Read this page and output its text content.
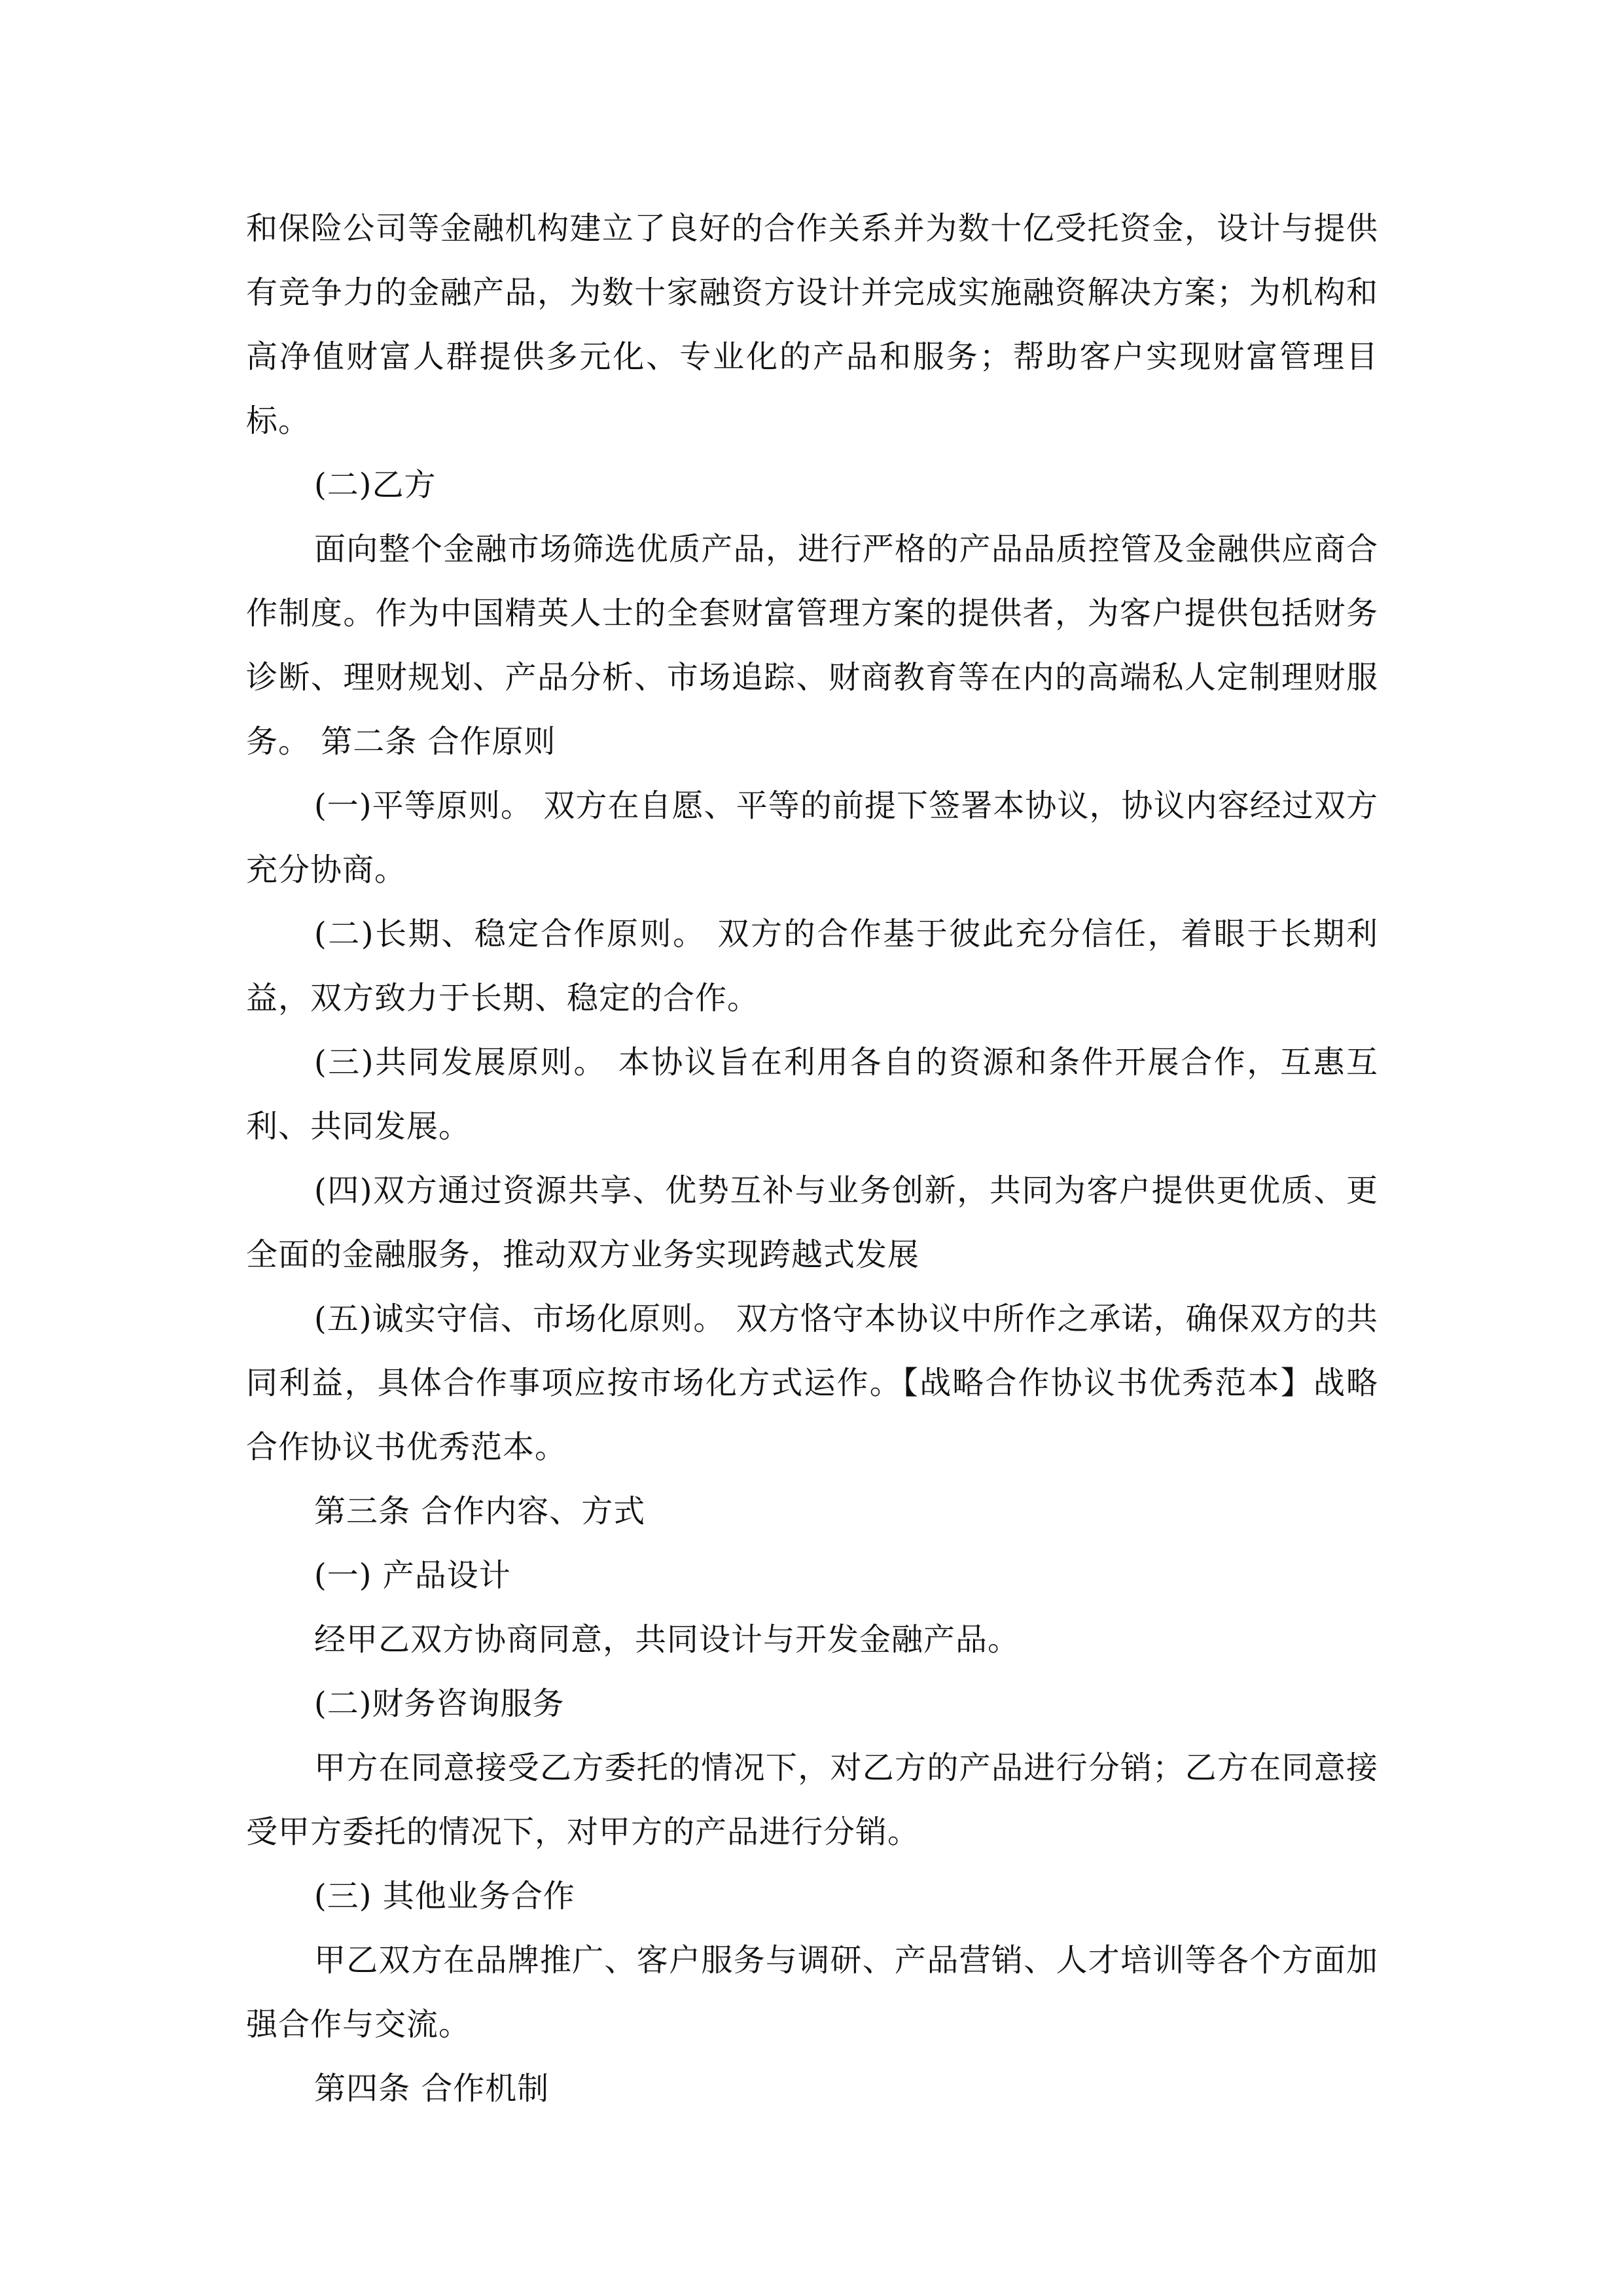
和保险公司等金融机构建立了良好的合作关系并为数十亿受托资金，设计与提供有竞争力的金融产品，为数十家融资方设计并完成实施融资解决方案；为机构和高净值财富人群提供多元化、专业化的产品和服务；帮助客户实现财富管理目标。

(二)乙方

面向整个金融市场筛选优质产品，进行严格的产品品质控管及金融供应商合作制度。作为中国精英人士的全套财富管理方案的提供者，为客户提供包括财务诊断、理财规划、产品分析、市场追踪、财商教育等在内的高端私人定制理财服务。 第二条 合作原则

(一)平等原则。 双方在自愿、平等的前提下签署本协议，协议内容经过双方充分协商。

(二)长期、稳定合作原则。 双方的合作基于彼此充分信任，着眼于长期利益，双方致力于长期、稳定的合作。

(三)共同发展原则。 本协议旨在利用各自的资源和条件开展合作，互惠互利、共同发展。

(四)双方通过资源共享、优势互补与业务创新，共同为客户提供更优质、更全面的金融服务，推动双方业务实现跨越式发展

(五)诚实守信、市场化原则。 双方恪守本协议中所作之承诺，确保双方的共同利益，具体合作事项应按市场化方式运作。【战略合作协议书优秀范本】战略合作协议书优秀范本。

第三条 合作内容、方式

(一) 产品设计

经甲乙双方协商同意，共同设计与开发金融产品。

(二)财务咨询服务

甲方在同意接受乙方委托的情况下，对乙方的产品进行分销；乙方在同意接受甲方委托的情况下，对甲方的产品进行分销。

(三) 其他业务合作

甲乙双方在品牌推广、客户服务与调研、产品营销、人才培训等各个方面加强合作与交流。

第四条 合作机制
